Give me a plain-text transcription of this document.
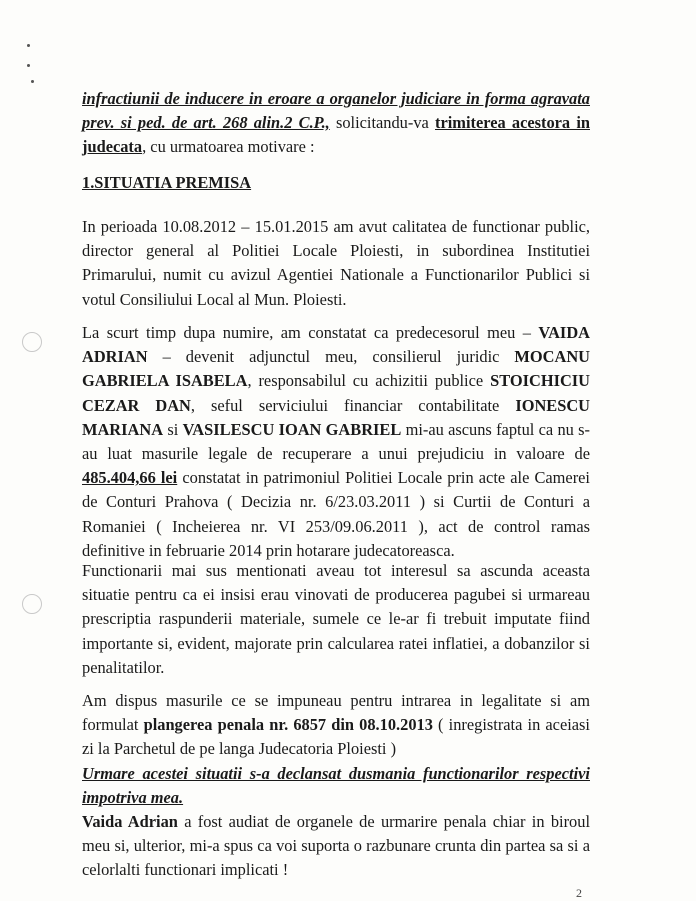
infractiunii de inducere in eroare a organelor judiciare in forma agravata prev. si ped. de art. 268 alin.2 C.P., solicitandu-va trimiterea acestora in judecata, cu urmatoarea motivare :

1.SITUATIA PREMISA

In perioada 10.08.2012 – 15.01.2015 am avut calitatea de functionar public, director general al Politiei Locale Ploiesti, in subordinea Institutiei Primarului, numit cu avizul Agentiei Nationale a Functionarilor Publici si votul Consiliului Local al Mun. Ploiesti.

La scurt timp dupa numire, am constatat ca predecesorul meu – VAIDA ADRIAN – devenit adjunctul meu, consilierul juridic MOCANU GABRIELA ISABELA, responsabilul cu achizitii publice STOICHICIU CEZAR DAN, seful serviciului financiar contabilitate IONESCU MARIANA si VASILESCU IOAN GABRIEL mi-au ascuns faptul ca nu s-au luat masurile legale de recuperare a unui prejudiciu in valoare de 485.404,66 lei constatat in patrimoniul Politiei Locale prin acte ale Camerei de Conturi Prahova ( Decizia nr. 6/23.03.2011 ) si Curtii de Conturi a Romaniei ( Incheierea nr. VI 253/09.06.2011 ), act de control ramas definitive in februarie 2014 prin hotarare judecatoreasca.

Functionarii mai sus mentionati aveau tot interesul sa ascunda aceasta situatie pentru ca ei insisi erau vinovati de producerea pagubei si urmareau prescriptia raspunderii materiale, sumele ce le-ar fi trebuit imputate fiind importante si, evident, majorate prin calcularea ratei inflatiei, a dobanzilor si penalitatilor.

Am dispus masurile ce se impuneau pentru intrarea in legalitate si am formulat plangerea penala nr. 6857 din 08.10.2013 ( inregistrata in aceiasi zi la Parchetul de pe langa Judecatoria Ploiesti )
Urmare acestei situatii s-a declansat dusmania functionarilor respectivi impotriva mea.
Vaida Adrian a fost audiat de organele de urmarire penala chiar in biroul meu si, ulterior, mi-a spus ca voi suporta o razbunare crunta din partea sa si a celorlalti functionari implicati !

2
